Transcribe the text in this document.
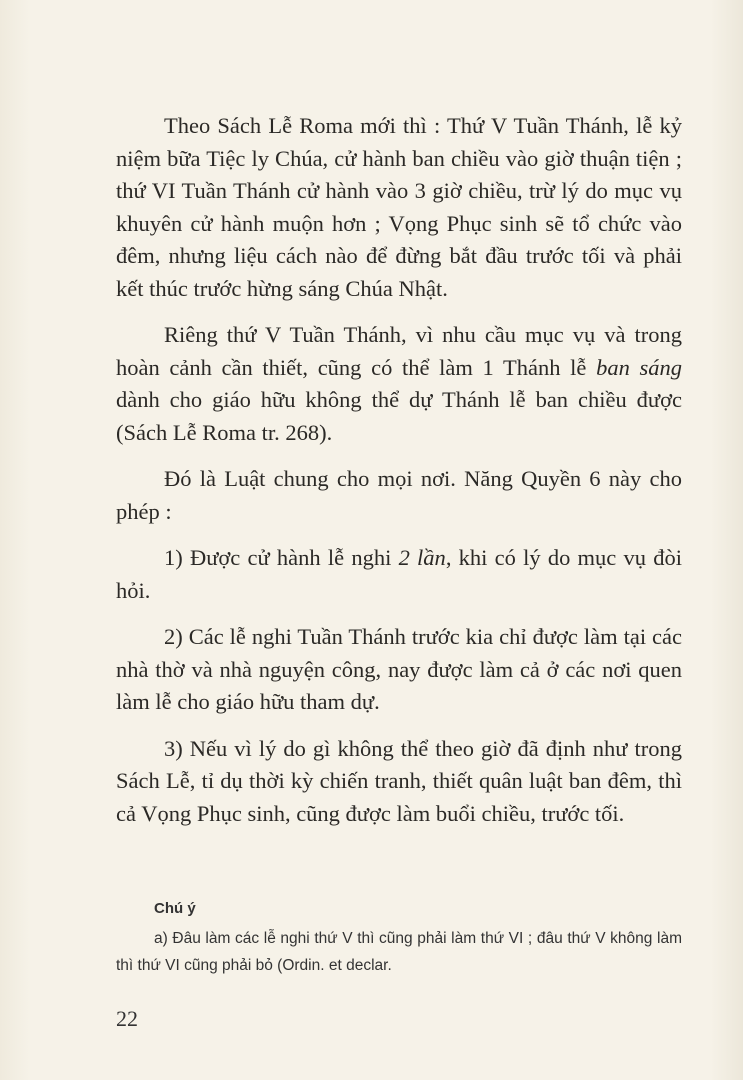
Theo Sách Lễ Roma mới thì : Thứ V Tuần Thánh, lễ kỷ niệm bữa Tiệc ly Chúa, cử hành ban chiều vào giờ thuận tiện ; thứ VI Tuần Thánh cử hành vào 3 giờ chiều, trừ lý do mục vụ khuyên cử hành muộn hơn ; Vọng Phục sinh sẽ tổ chức vào đêm, nhưng liệu cách nào để đừng bắt đầu trước tối và phải kết thúc trước hừng sáng Chúa Nhật.

Riêng thứ V Tuần Thánh, vì nhu cầu mục vụ và trong hoàn cảnh cần thiết, cũng có thể làm 1 Thánh lễ ban sáng dành cho giáo hữu không thể dự Thánh lễ ban chiều được (Sách Lễ Roma tr. 268).

Đó là Luật chung cho mọi nơi. Năng Quyền 6 này cho phép :

1) Được cử hành lễ nghi 2 lần, khi có lý do mục vụ đòi hỏi.

2) Các lễ nghi Tuần Thánh trước kia chỉ được làm tại các nhà thờ và nhà nguyện công, nay được làm cả ở các nơi quen làm lễ cho giáo hữu tham dự.

3) Nếu vì lý do gì không thể theo giờ đã định như trong Sách Lễ, tỉ dụ thời kỳ chiến tranh, thiết quân luật ban đêm, thì cả Vọng Phục sinh, cũng được làm buổi chiều, trước tối.

Chú ý

a) Đâu làm các lễ nghi thứ V thì cũng phải làm thứ VI ; đâu thứ V không làm thì thứ VI cũng phải bỏ (Ordin. et declar.

22
